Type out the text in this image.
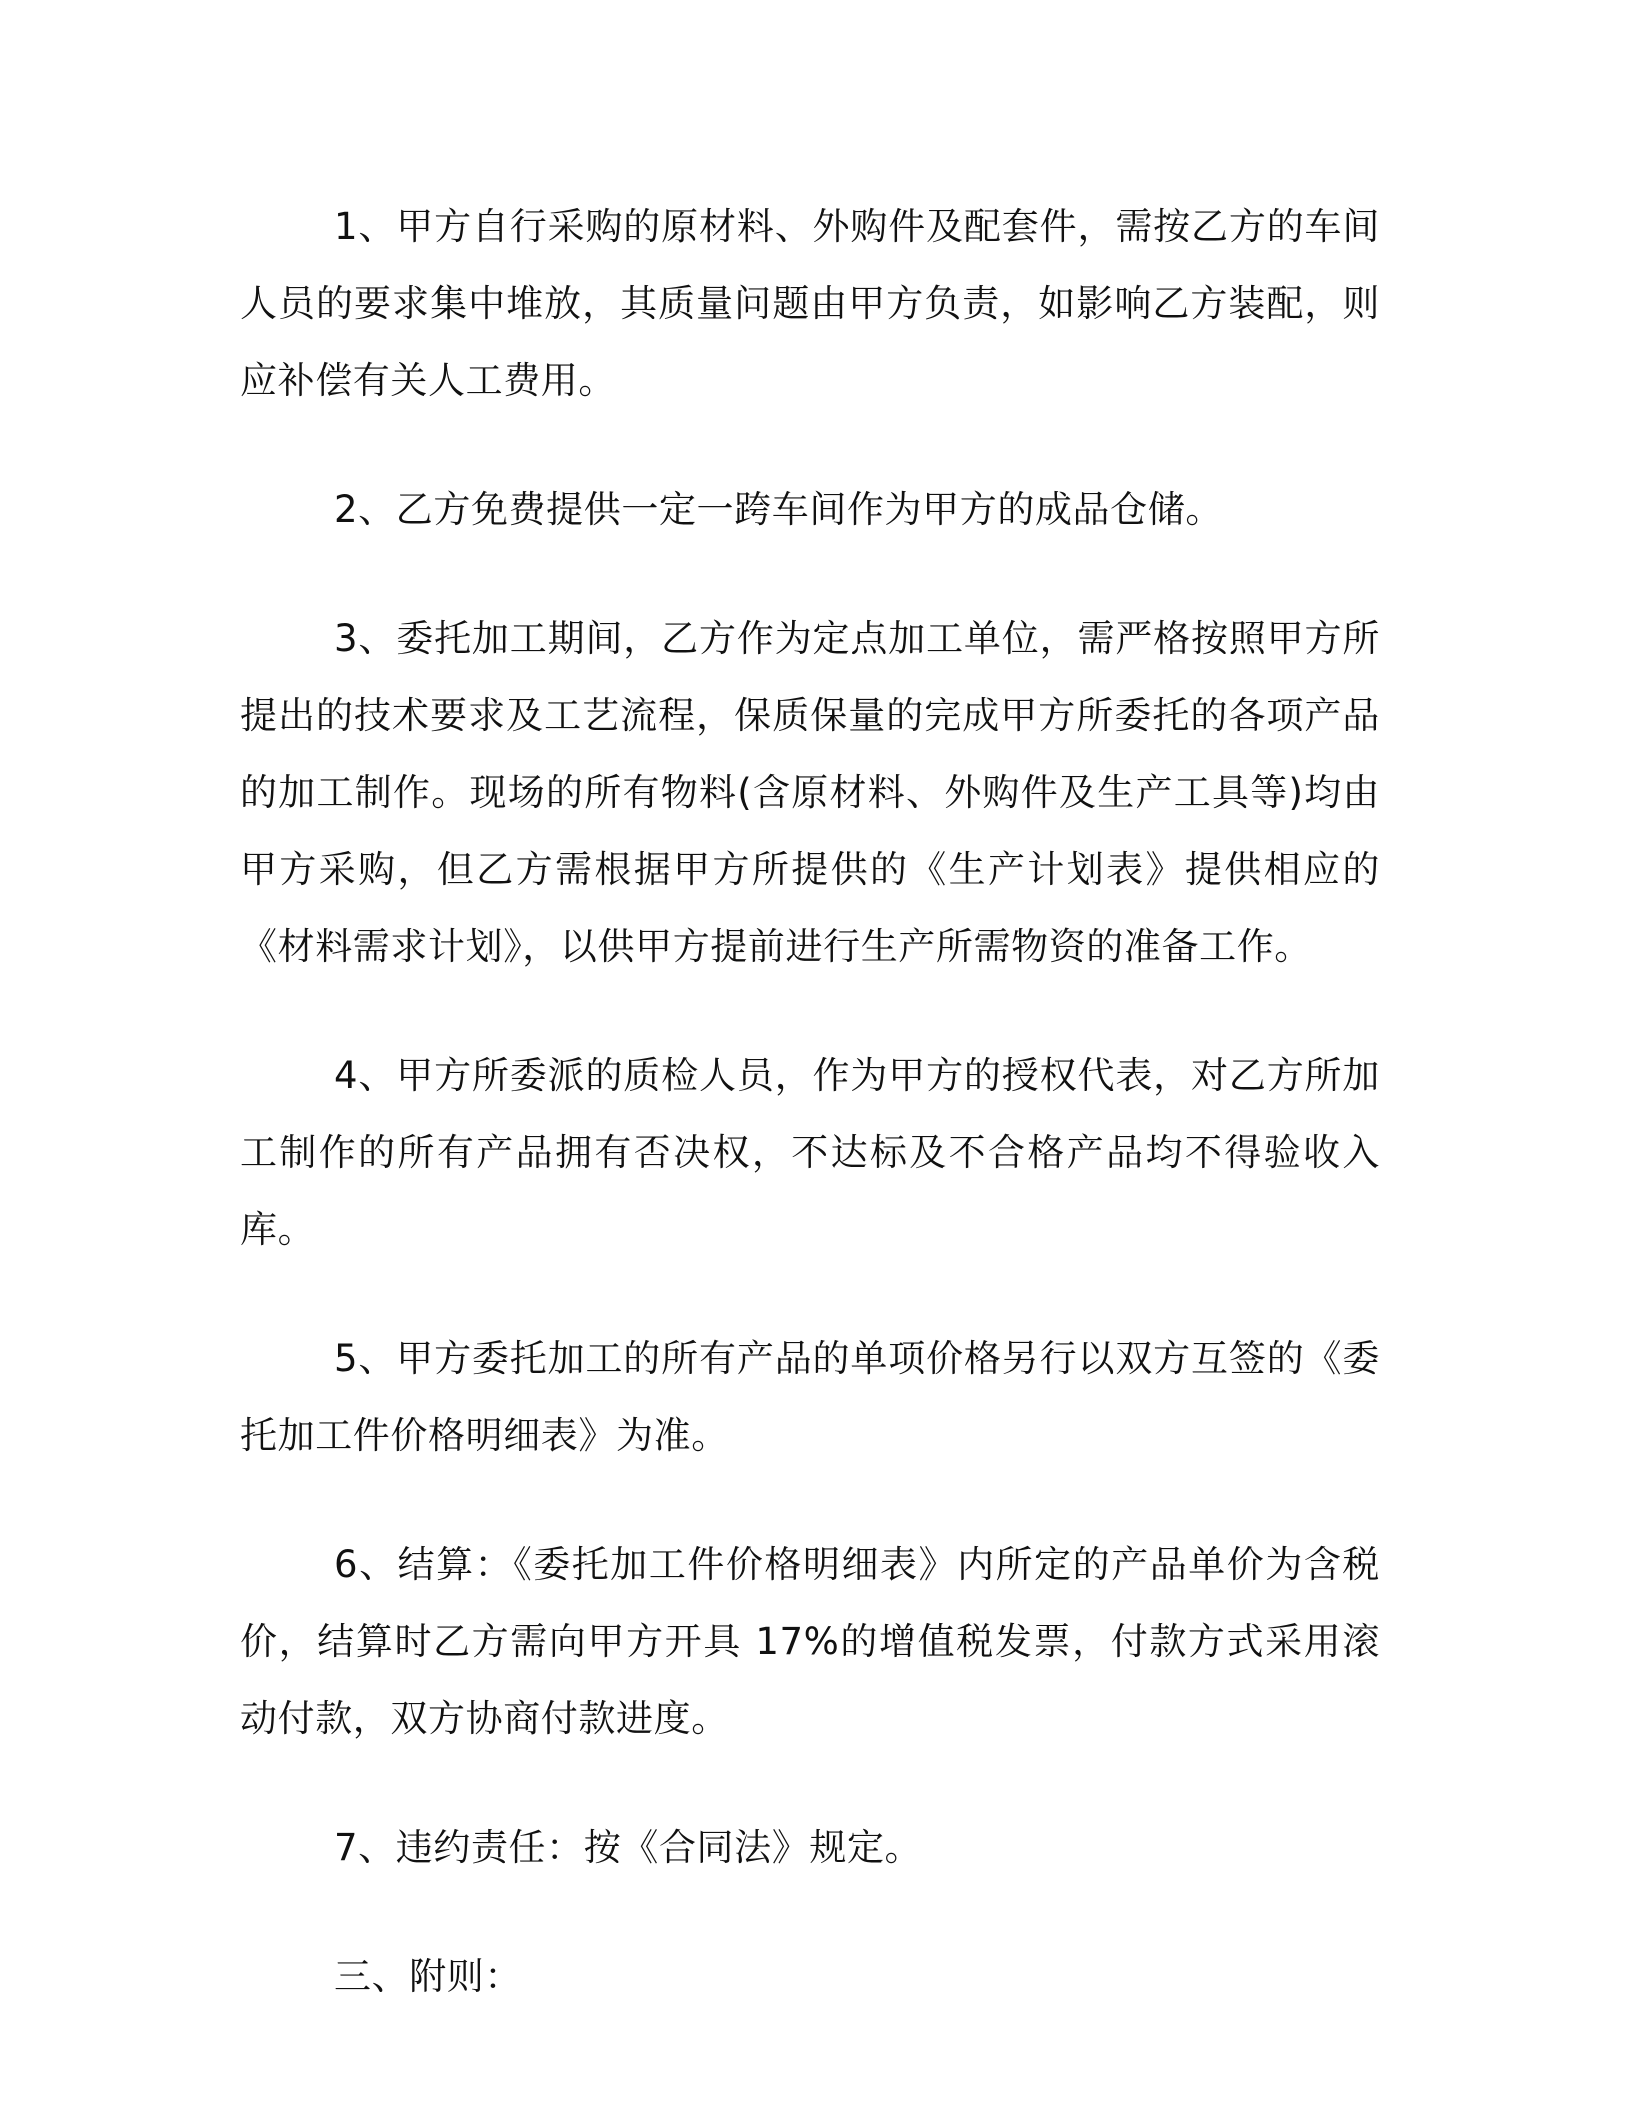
1、甲方自行采购的原材料、外购件及配套件，需按乙方的车间人员的要求集中堆放，其质量问题由甲方负责，如影响乙方装配，则应补偿有关人工费用。

2、乙方免费提供一定一跨车间作为甲方的成品仓储。

3、委托加工期间，乙方作为定点加工单位，需严格按照甲方所提出的技术要求及工艺流程，保质保量的完成甲方所委托的各项产品的加工制作。现场的所有物料(含原材料、外购件及生产工具等)均由甲方采购，但乙方需根据甲方所提供的《生产计划表》提供相应的《材料需求计划》，以供甲方提前进行生产所需物资的准备工作。

4、甲方所委派的质检人员，作为甲方的授权代表，对乙方所加工制作的所有产品拥有否决权，不达标及不合格产品均不得验收入库。

5、甲方委托加工的所有产品的单项价格另行以双方互签的《委托加工件价格明细表》为准。

6、结算：《委托加工件价格明细表》内所定的产品单价为含税价，结算时乙方需向甲方开具 17%的增值税发票，付款方式采用滚动付款，双方协商付款进度。

7、违约责任：按《合同法》规定。

三、附则：
